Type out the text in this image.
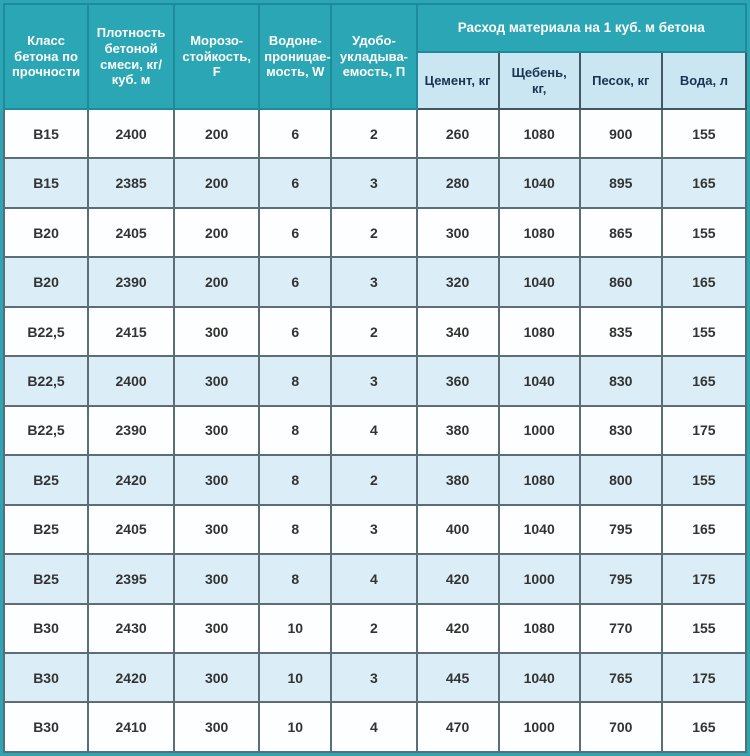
Класс бетона по прочности	Плотность бетоной смеси, кг/куб. м	Морозо-стойкость, F	Водоне-проницае-мость, W	Удобо-укладыва-емость, П	Расход материала на 1 куб. м бетона			
					Цемент, кг	Щебень, кг,	Песок, кг	Вода, л
В15	2400	200	6	2	260	1080	900	155
В15	2385	200	6	3	280	1040	895	165
В20	2405	200	6	2	300	1080	865	155
В20	2390	200	6	3	320	1040	860	165
В22,5	2415	300	6	2	340	1080	835	155
В22,5	2400	300	8	3	360	1040	830	165
В22,5	2390	300	8	4	380	1000	830	175
В25	2420	300	8	2	380	1080	800	155
В25	2405	300	8	3	400	1040	795	165
В25	2395	300	8	4	420	1000	795	175
В30	2430	300	10	2	420	1080	770	155
В30	2420	300	10	3	445	1040	765	175
В30	2410	300	10	4	470	1000	700	165
